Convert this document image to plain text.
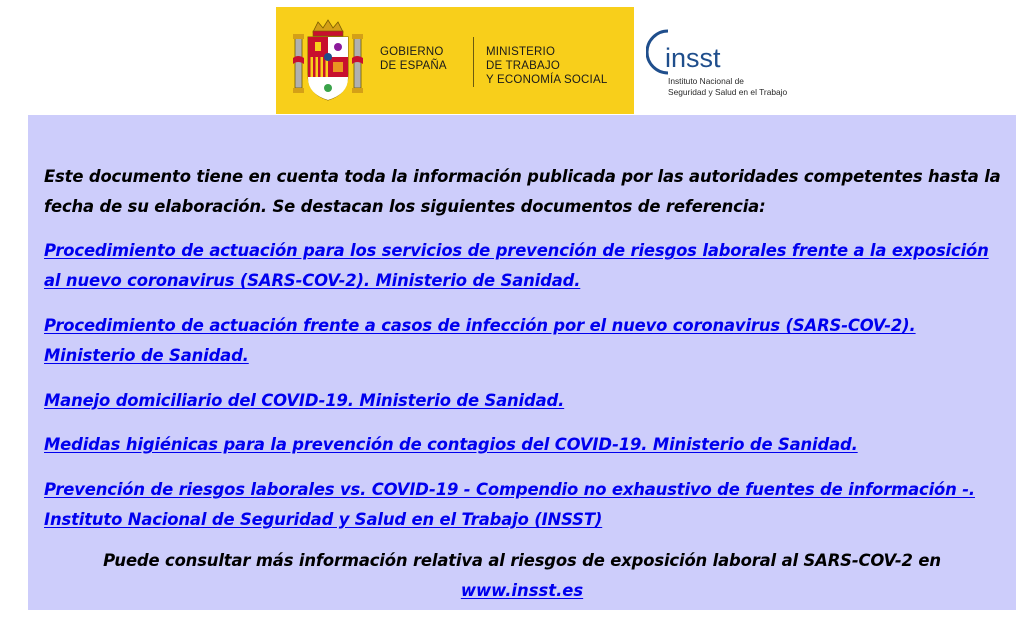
GOBIERNO
DE ESPAÑA
MINISTERIO
DE TRABAJO
Y ECONOMÍA SOCIAL
insst
Instituto Nacional de
Seguridad y Salud en el Trabajo

Este documento tiene en cuenta toda la información publicada por las autoridades competentes hasta la fecha de su elaboración. Se destacan los siguientes documentos de referencia:

Procedimiento de actuación para los servicios de prevención de riesgos laborales frente a la exposición al nuevo coronavirus (SARS-COV-2). Ministerio de Sanidad.

Procedimiento de actuación frente a casos de infección por el nuevo coronavirus (SARS-COV-2). Ministerio de Sanidad.

Manejo domiciliario del COVID-19. Ministerio de Sanidad.

Medidas higiénicas para la prevención de contagios del COVID-19. Ministerio de Sanidad.

Prevención de riesgos laborales vs. COVID-19 - Compendio no exhaustivo de fuentes de información -. Instituto Nacional de Seguridad y Salud en el Trabajo (INSST)

Puede consultar más información relativa al riesgos de exposición laboral al SARS-COV-2 en
www.insst.es
